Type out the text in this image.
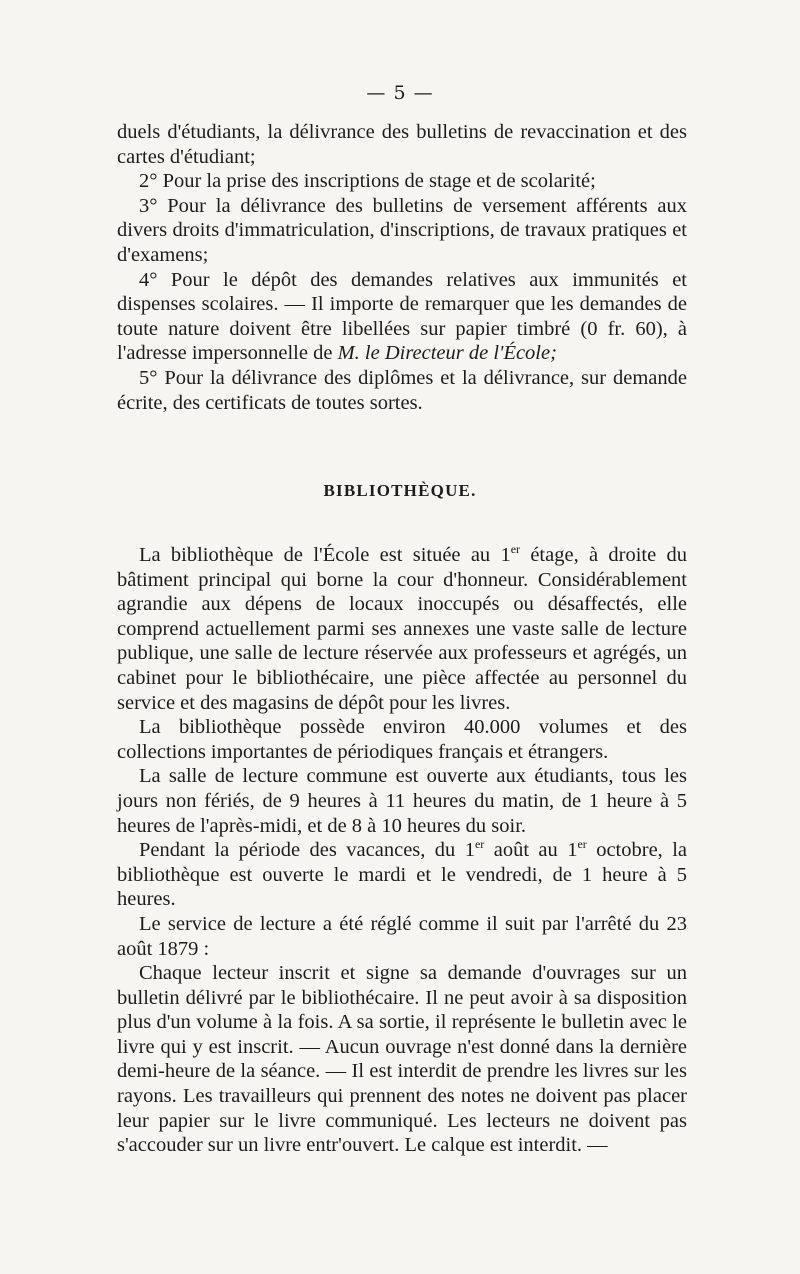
— 5 —

duels d'étudiants, la délivrance des bulletins de revaccination et des cartes d'étudiant;

2° Pour la prise des inscriptions de stage et de scolarité;

3° Pour la délivrance des bulletins de versement afférents aux divers droits d'immatriculation, d'inscriptions, de travaux pratiques et d'examens;

4° Pour le dépôt des demandes relatives aux immunités et dispenses scolaires. — Il importe de remarquer que les demandes de toute nature doivent être libellées sur papier timbré (0 fr. 60), à l'adresse impersonnelle de M. le Directeur de l'École;

5° Pour la délivrance des diplômes et la délivrance, sur demande écrite, des certificats de toutes sortes.

BIBLIOTHÈQUE.

La bibliothèque de l'École est située au 1er étage, à droite du bâtiment principal qui borne la cour d'honneur. Considérablement agrandie aux dépens de locaux inoccupés ou désaffectés, elle comprend actuellement parmi ses annexes une vaste salle de lecture publique, une salle de lecture réservée aux professeurs et agrégés, un cabinet pour le bibliothécaire, une pièce affectée au personnel du service et des magasins de dépôt pour les livres.

La bibliothèque possède environ 40.000 volumes et des collections importantes de périodiques français et étrangers.

La salle de lecture commune est ouverte aux étudiants, tous les jours non fériés, de 9 heures à 11 heures du matin, de 1 heure à 5 heures de l'après-midi, et de 8 à 10 heures du soir.

Pendant la période des vacances, du 1er août au 1er octobre, la bibliothèque est ouverte le mardi et le vendredi, de 1 heure à 5 heures.

Le service de lecture a été réglé comme il suit par l'arrêté du 23 août 1879 :

Chaque lecteur inscrit et signe sa demande d'ouvrages sur un bulletin délivré par le bibliothécaire. Il ne peut avoir à sa disposition plus d'un volume à la fois. A sa sortie, il représente le bulletin avec le livre qui y est inscrit. — Aucun ouvrage n'est donné dans la dernière demi-heure de la séance. — Il est interdit de prendre les livres sur les rayons. Les travailleurs qui prennent des notes ne doivent pas placer leur papier sur le livre communiqué. Les lecteurs ne doivent pas s'accouder sur un livre entr'ouvert. Le calque est interdit. —
